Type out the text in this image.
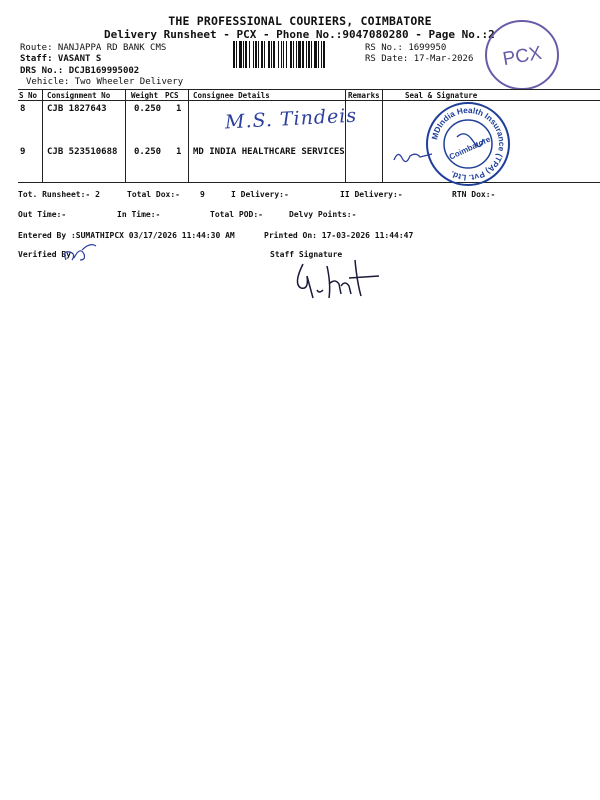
THE PROFESSIONAL COURIERS, COIMBATORE
Delivery Runsheet - PCX - Phone No.:9047080280 - Page No.:2
Route: NANJAPPA RD BANK CMS
Staff: VASANT S
DRS No.: DCJB169995002
Vehicle: Two Wheeler Delivery
RS No.: 1699950
RS Date: 17-Mar-2026 PCX
S No Consignment No	Weight PCS Consignee Details	Remarks	Seal & Signature
8 CJB 1827643	0.250 1 M.S. Tindeis
9 CJB 523510688 0.250 1 MD INDIA HEALTHCARE SERVICES
MDIndia Health Insurance (TPA) Pvt. Ltd.
Coimbatore
Tot. Runsheet:- 2	Total Dox:-	9	I Delivery:-	II Delivery:-	RTN Dox:-
Out Time:-	In Time:-	Total POD:-	Delvy Points:-
Entered By :SUMATHIPCX 03/17/2026 11:44:30 AM	Printed On: 17-03-2026 11:44:47
Verified By	Staff Signature
